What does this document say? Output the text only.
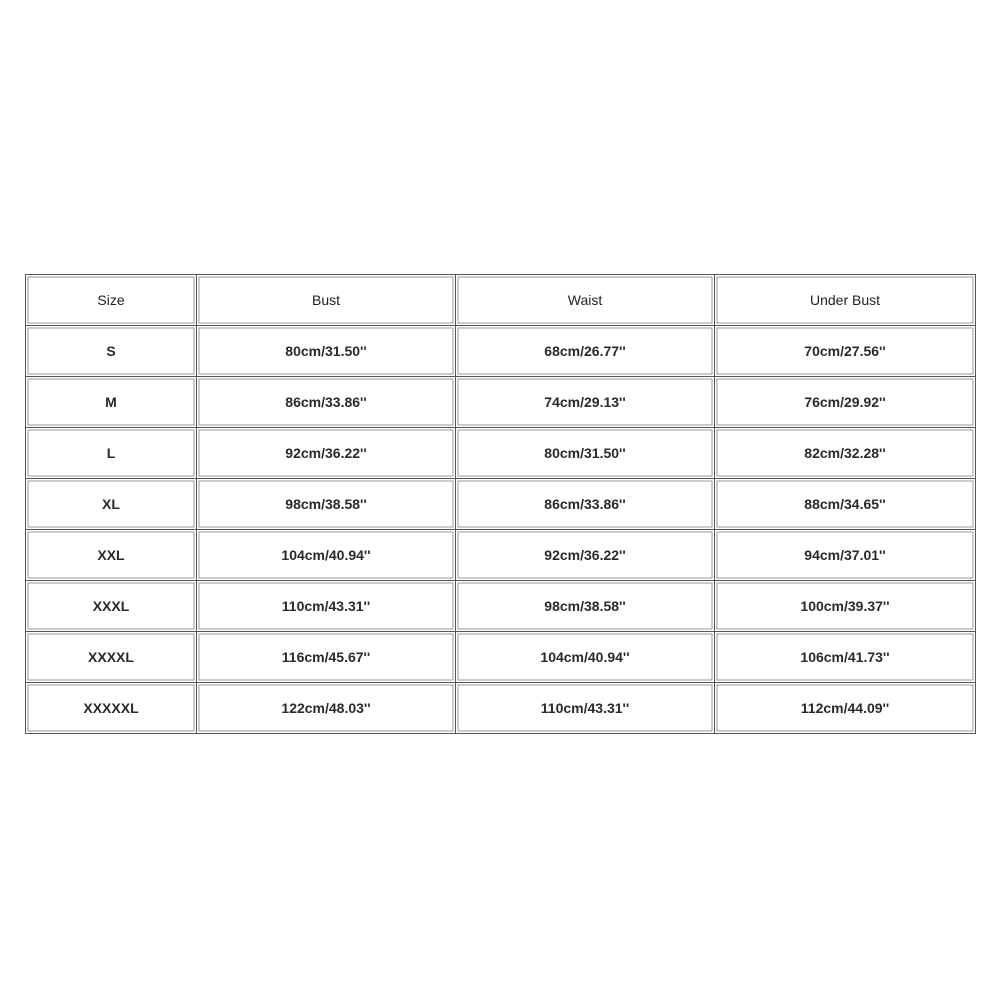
Size	Bust	Waist	Under Bust
S	80cm/31.50''	68cm/26.77''	70cm/27.56''
M	86cm/33.86''	74cm/29.13''	76cm/29.92''
L	92cm/36.22''	80cm/31.50''	82cm/32.28''
XL	98cm/38.58''	86cm/33.86''	88cm/34.65''
XXL	104cm/40.94''	92cm/36.22''	94cm/37.01''
XXXL	110cm/43.31''	98cm/38.58''	100cm/39.37''
XXXXL	116cm/45.67''	104cm/40.94''	106cm/41.73''
XXXXXL	122cm/48.03''	110cm/43.31''	112cm/44.09''
